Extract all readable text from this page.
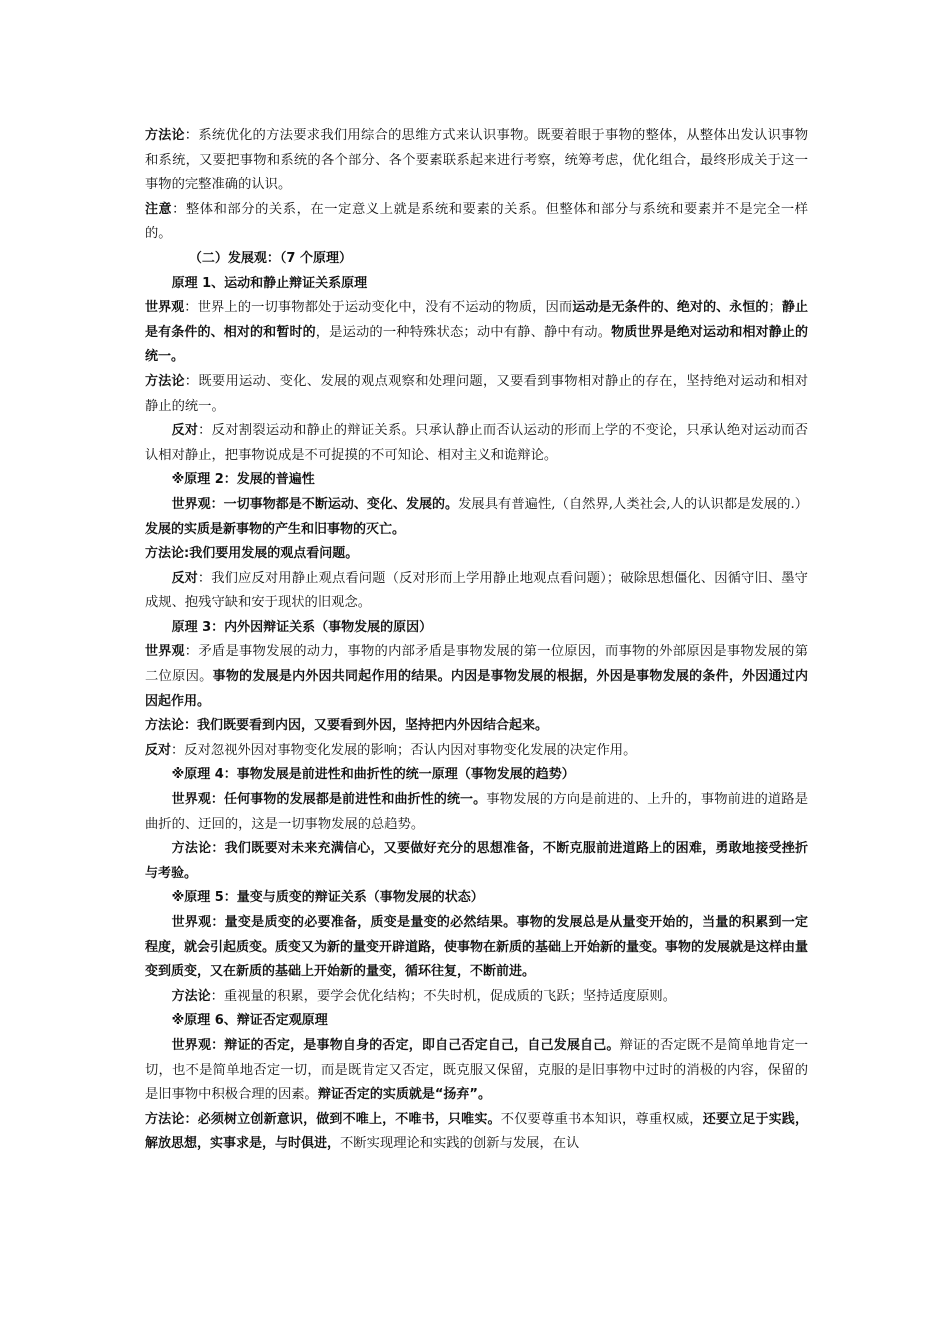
方法论：系统优化的方法要求我们用综合的思维方式来认识事物。既要着眼于事物的整体，从整体出发认识事物和系统，又要把事物和系统的各个部分、各个要素联系起来进行考察，统筹考虑，优化组合，最终形成关于这一事物的完整准确的认识。

注意：整体和部分的关系，在一定意义上就是系统和要素的关系。但整体和部分与系统和要素并不是完全一样的。

（二）发展观：（7 个原理）

原理 1、运动和静止辩证关系原理

世界观：世界上的一切事物都处于运动变化中，没有不运动的物质，因而运动是无条件的、绝对的、永恒的；静止是有条件的、相对的和暂时的，是运动的一种特殊状态；动中有静、静中有动。物质世界是绝对运动和相对静止的统一。

方法论：既要用运动、变化、发展的观点观察和处理问题，又要看到事物相对静止的存在，坚持绝对运动和相对静止的统一。

反对：反对割裂运动和静止的辩证关系。只承认静止而否认运动的形而上学的不变论，只承认绝对运动而否认相对静止，把事物说成是不可捉摸的不可知论、相对主义和诡辩论。

※原理 2：发展的普遍性

世界观：一切事物都是不断运动、变化、发展的。发展具有普遍性,（自然界,人类社会,人的认识都是发展的.）发展的实质是新事物的产生和旧事物的灭亡。

方法论:我们要用发展的观点看问题。

反对：我们应反对用静止观点看问题（反对形而上学用静止地观点看问题）；破除思想僵化、因循守旧、墨守成规、抱残守缺和安于现状的旧观念。

原理 3：内外因辩证关系（事物发展的原因）

世界观：矛盾是事物发展的动力，事物的内部矛盾是事物发展的第一位原因，而事物的外部原因是事物发展的第二位原因。事物的发展是内外因共同起作用的结果。内因是事物发展的根据，外因是事物发展的条件，外因通过内因起作用。

方法论：我们既要看到内因，又要看到外因，坚持把内外因结合起来。

反对：反对忽视外因对事物变化发展的影响；否认内因对事物变化发展的决定作用。

※原理 4：事物发展是前进性和曲折性的统一原理（事物发展的趋势）

世界观：任何事物的发展都是前进性和曲折性的统一。事物发展的方向是前进的、上升的，事物前进的道路是曲折的、迂回的，这是一切事物发展的总趋势。

方法论：我们既要对未来充满信心，又要做好充分的思想准备，不断克服前进道路上的困难，勇敢地接受挫折与考验。

※原理 5：量变与质变的辩证关系（事物发展的状态）

世界观：量变是质变的必要准备，质变是量变的必然结果。事物的发展总是从量变开始的，当量的积累到一定程度，就会引起质变。质变又为新的量变开辟道路，使事物在新质的基础上开始新的量变。事物的发展就是这样由量变到质变，又在新质的基础上开始新的量变，循环往复，不断前进。

方法论：重视量的积累，要学会优化结构；不失时机，促成质的飞跃；坚持适度原则。

※原理 6、辩证否定观原理

世界观：辩证的否定，是事物自身的否定，即自己否定自己，自己发展自己。辩证的否定既不是简单地肯定一切，也不是简单地否定一切，而是既肯定又否定，既克服又保留，克服的是旧事物中过时的消极的内容，保留的是旧事物中积极合理的因素。辩证否定的实质就是“扬弃”。

方法论：必须树立创新意识，做到不唯上，不唯书，只唯实。不仅要尊重书本知识，尊重权威，还要立足于实践，解放思想，实事求是，与时俱进，不断实现理论和实践的创新与发展，在认
